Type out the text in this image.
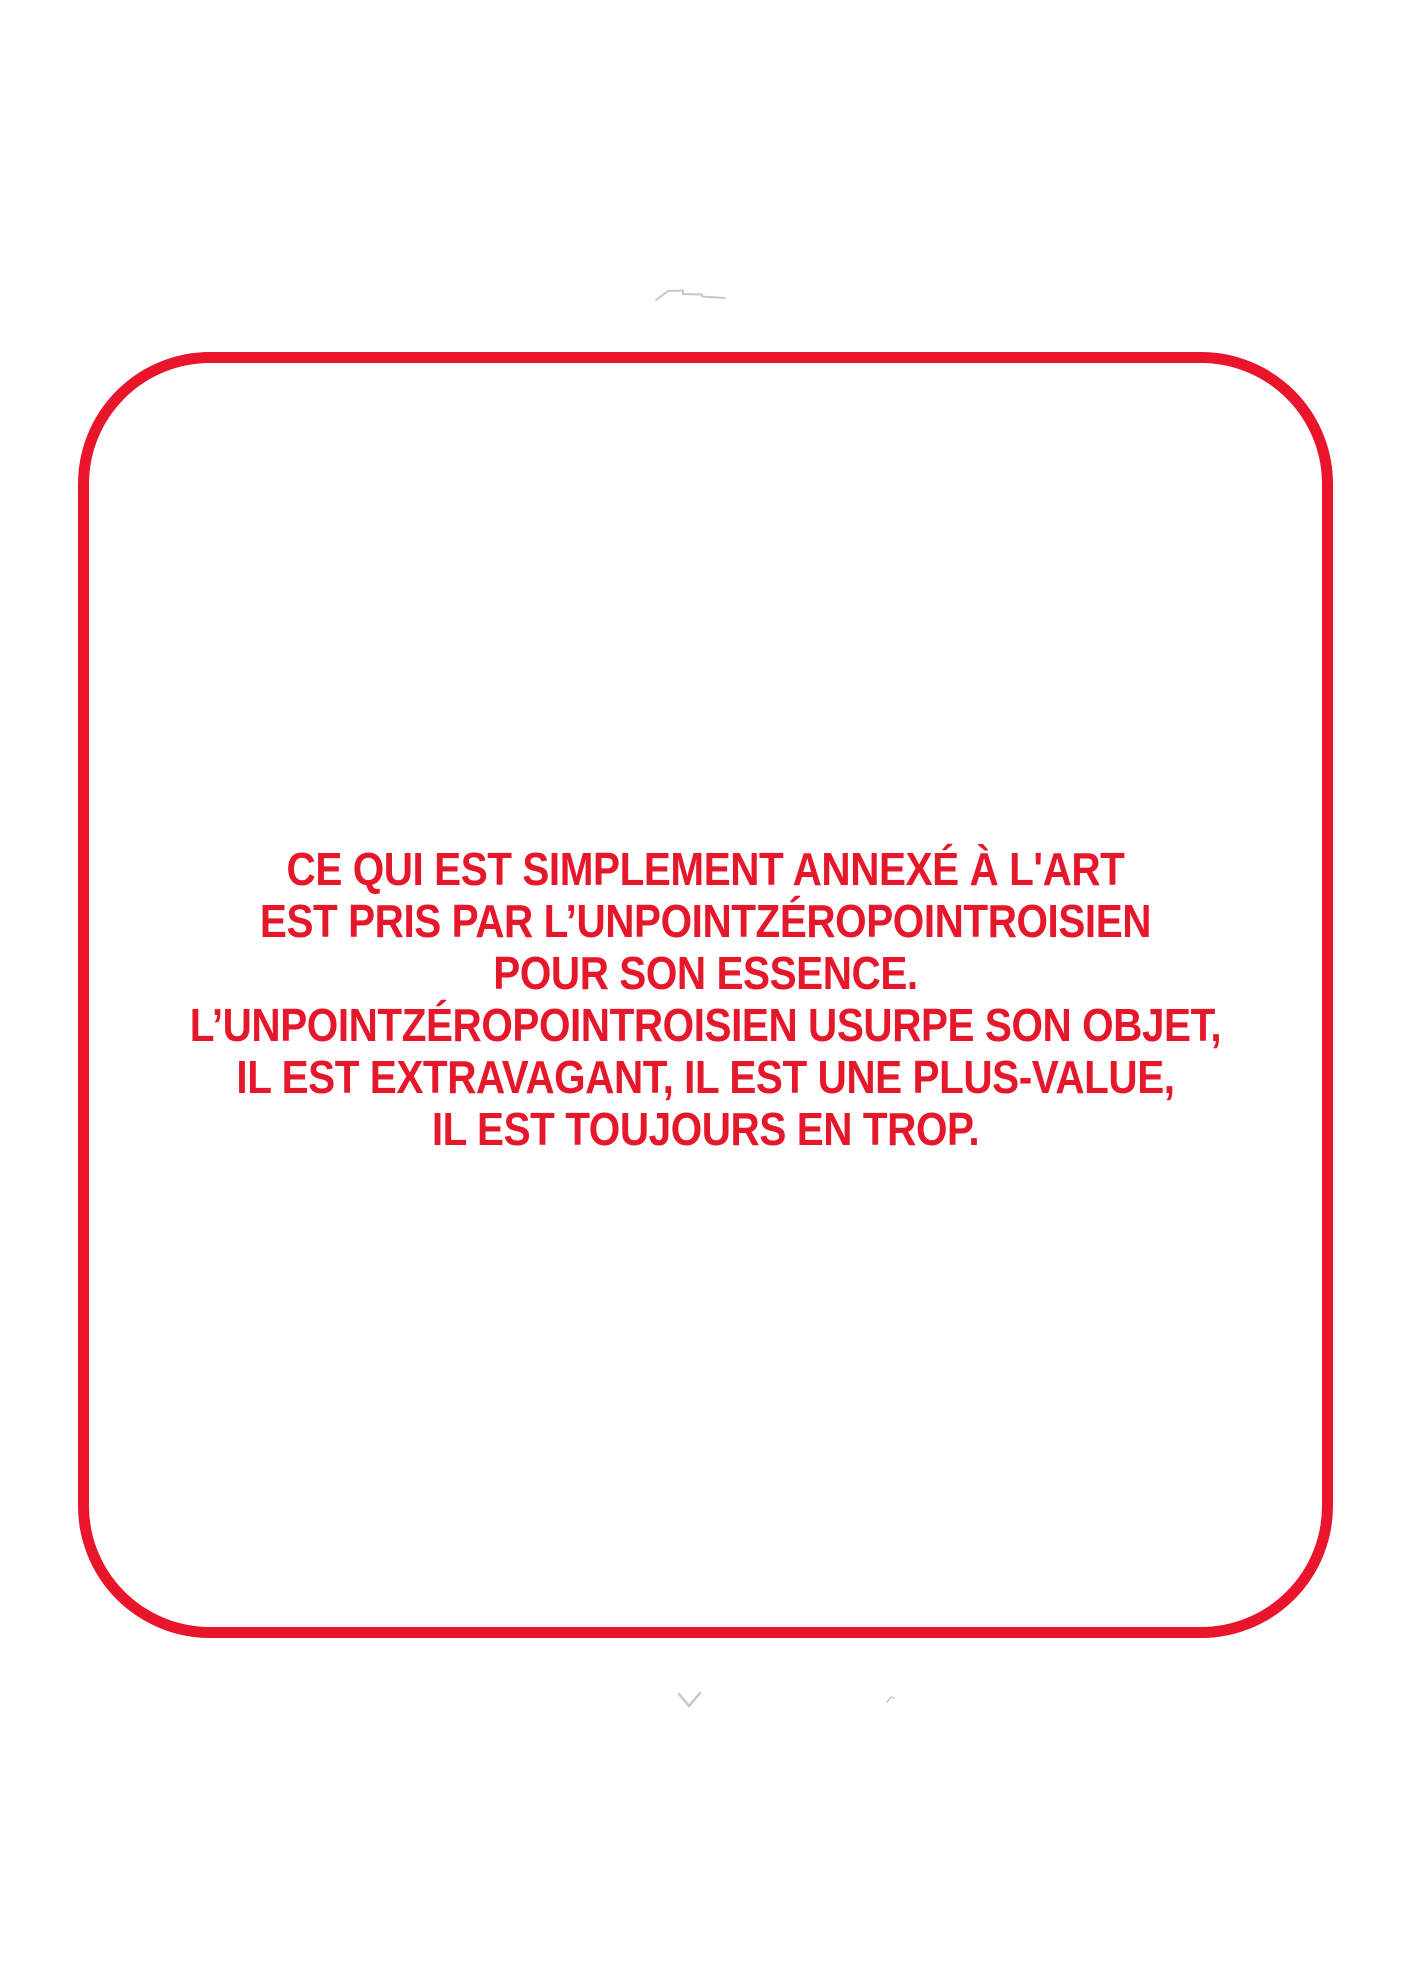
CE QUI EST SIMPLEMENT ANNEXÉ À L'ART
EST PRIS PAR L’UNPOINTZÉROPOINTROISIEN
POUR SON ESSENCE.
L’UNPOINTZÉROPOINTROISIEN USURPE SON OBJET,
IL EST EXTRAVAGANT, IL EST UNE PLUS-VALUE,
IL EST TOUJOURS EN TROP.
